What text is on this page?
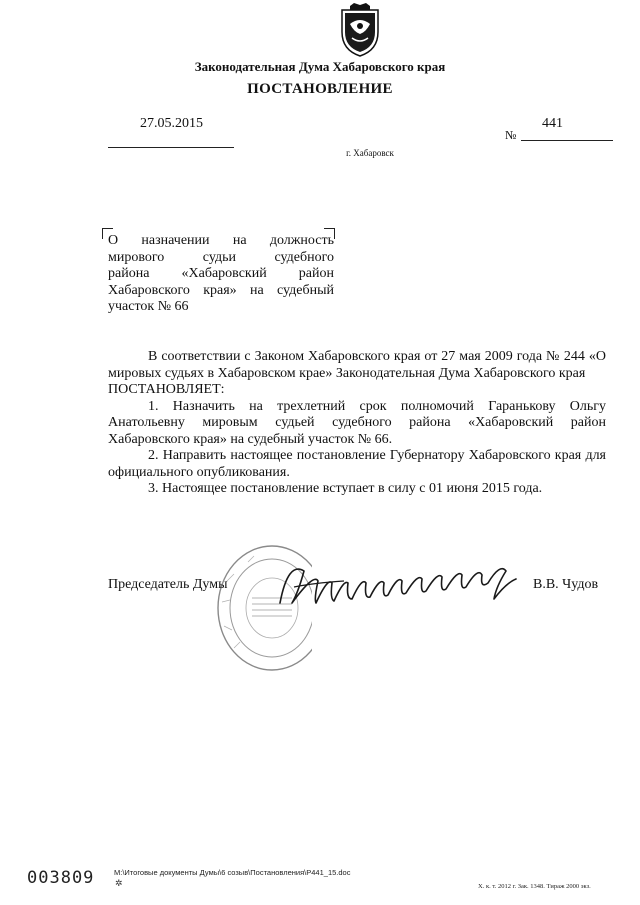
Законодательная Дума Хабаровского края
ПОСТАНОВЛЕНИЕ
27.05.2015	441
№
г. Хабаровск
О назначении на должность
мирового судьи судебного
района «Хабаровский район
Хабаровского края» на судебный
участок № 66

В соответствии с Законом Хабаровского края от 27 мая 2009 года № 244 «О мировых судьях в Хабаровском крае» Законодательная Дума Хабаровского края

ПОСТАНОВЛЯЕТ:

1. Назначить на трехлетний срок полномочий Гаранькову Ольгу Анатольевну мировым судьей судебного района «Хабаровский район Хабаровского края» на судебный участок № 66.

2. Направить настоящее постановление Губернатору Хабаровского края для официального опубликования.

3. Настоящее постановление вступает в силу с 01 июня 2015 года.

Председатель Думы	В.В. Чудов
003809	M:\Итоговые документы Думы\6 созыв\Постановления\P441_15.doc
✲	Х. к. т. 2012 г. Зак. 1348. Тираж 2000 экз.
